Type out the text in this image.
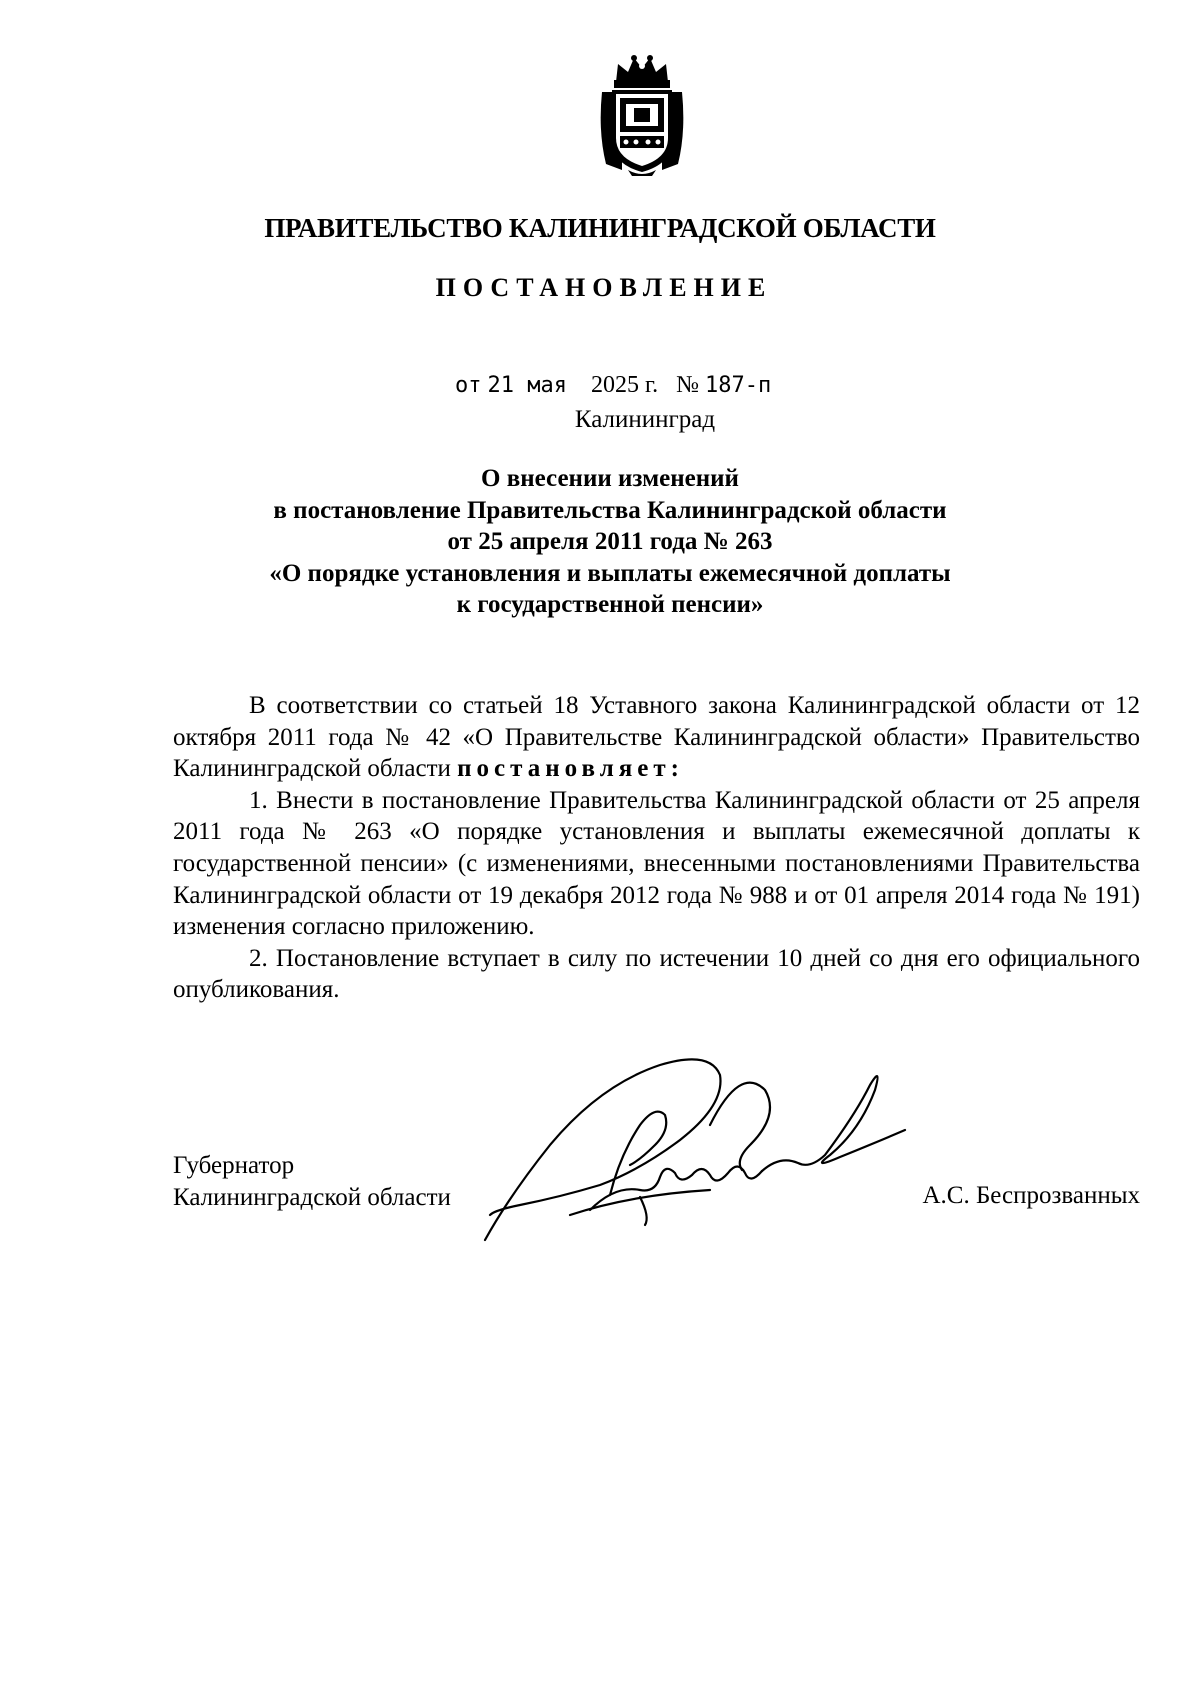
ПРАВИТЕЛЬСТВО КАЛИНИНГРАДСКОЙ ОБЛАСТИ
ПОСТАНОВЛЕНИЕ
от 21 мая 2025 г. № 187-п
Калининград
О внесении изменений
в постановление Правительства Калининградской области
от 25 апреля 2011 года № 263
«О порядке установления и выплаты ежемесячной доплаты
к государственной пенсии»

В соответствии со статьей 18 Уставного закона Калининградской области от 12 октября 2011 года № 42 «О Правительстве Калининградской области» Правительство Калининградской области постановляет:

1. Внести в постановление Правительства Калининградской области от 25 апреля 2011 года № 263 «О порядке установления и выплаты ежемесячной доплаты к государственной пенсии» (с изменениями, внесенными постановлениями Правительства Калининградской области от 19 декабря 2012 года № 988 и от 01 апреля 2014 года № 191) изменения согласно приложению.

2. Постановление вступает в силу по истечении 10 дней со дня его официального опубликования.

Губернатор
Калининградской области	А.С. Беспрозванных
